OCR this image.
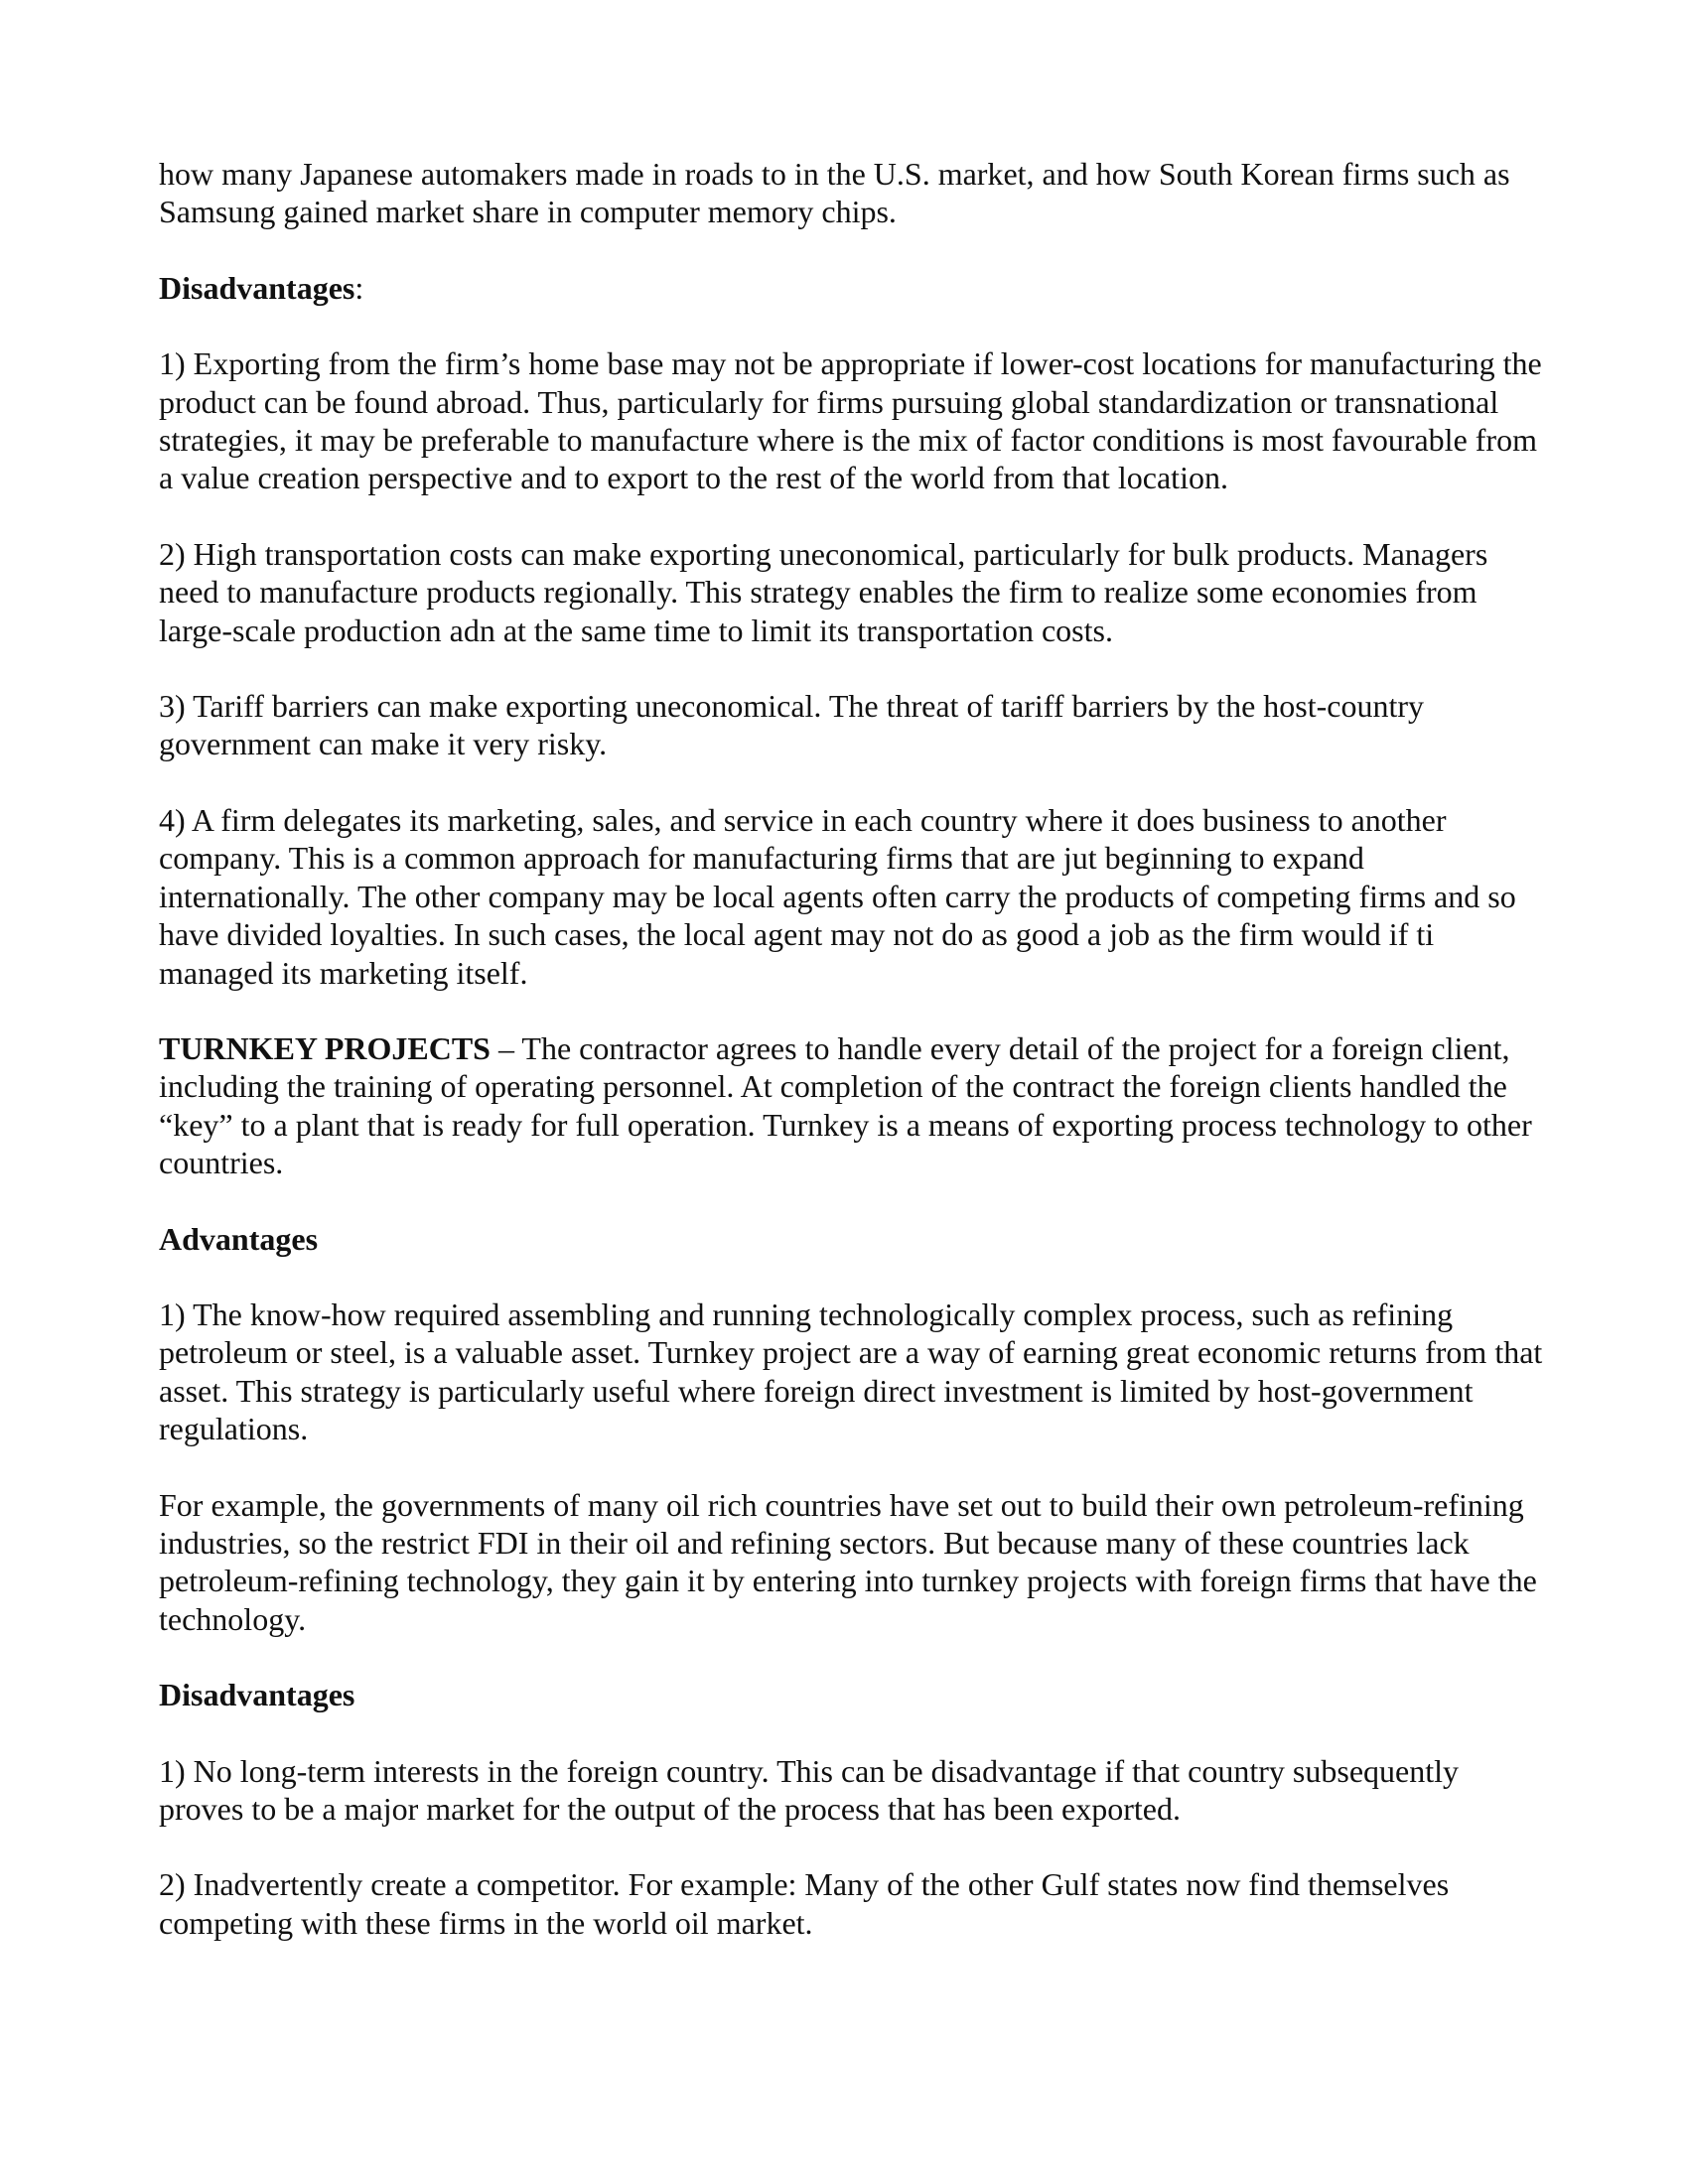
how many Japanese automakers made in roads to in the U.S. market, and how South Korean firms such as Samsung gained market share in computer memory chips.

Disadvantages:

1) Exporting from the firm’s home base may not be appropriate if lower-cost locations for manufacturing the product can be found abroad. Thus, particularly for firms pursuing global standardization or transnational strategies, it may be preferable to manufacture where is the mix of factor conditions is most favourable from a value creation perspective and to export to the rest of the world from that location.

2) High transportation costs can make exporting uneconomical, particularly for bulk products. Managers need to manufacture products regionally. This strategy enables the firm to realize some economies from large-scale production adn at the same time to limit its transportation costs.

3) Tariff barriers can make exporting uneconomical. The threat of tariff barriers by the host-country government can make it very risky.

4) A firm delegates its marketing, sales, and service in each country where it does business to another company. This is a common approach for manufacturing firms that are jut beginning to expand internationally. The other company may be local agents often carry the products of competing firms and so have divided loyalties. In such cases, the local agent may not do as good a job as the firm would if ti managed its marketing itself.

TURNKEY PROJECTS – The contractor agrees to handle every detail of the project for a foreign client, including the training of operating personnel. At completion of the contract the foreign clients handled the “key” to a plant that is ready for full operation. Turnkey is a means of exporting process technology to other countries.

Advantages

1) The know-how required assembling and running technologically complex process, such as refining petroleum or steel, is a valuable asset. Turnkey project are a way of earning great economic returns from that asset. This strategy is particularly useful where foreign direct investment is limited by host-government regulations.

For example, the governments of many oil rich countries have set out to build their own petroleum-refining industries, so the restrict FDI in their oil and refining sectors. But because many of these countries lack petroleum-refining technology, they gain it by entering into turnkey projects with foreign firms that have the technology.

Disadvantages

1) No long-term interests in the foreign country. This can be disadvantage if that country subsequently proves to be a major market for the output of the process that has been exported.

2) Inadvertently create a competitor. For example: Many of the other Gulf states now find themselves competing with these firms in the world oil market.
